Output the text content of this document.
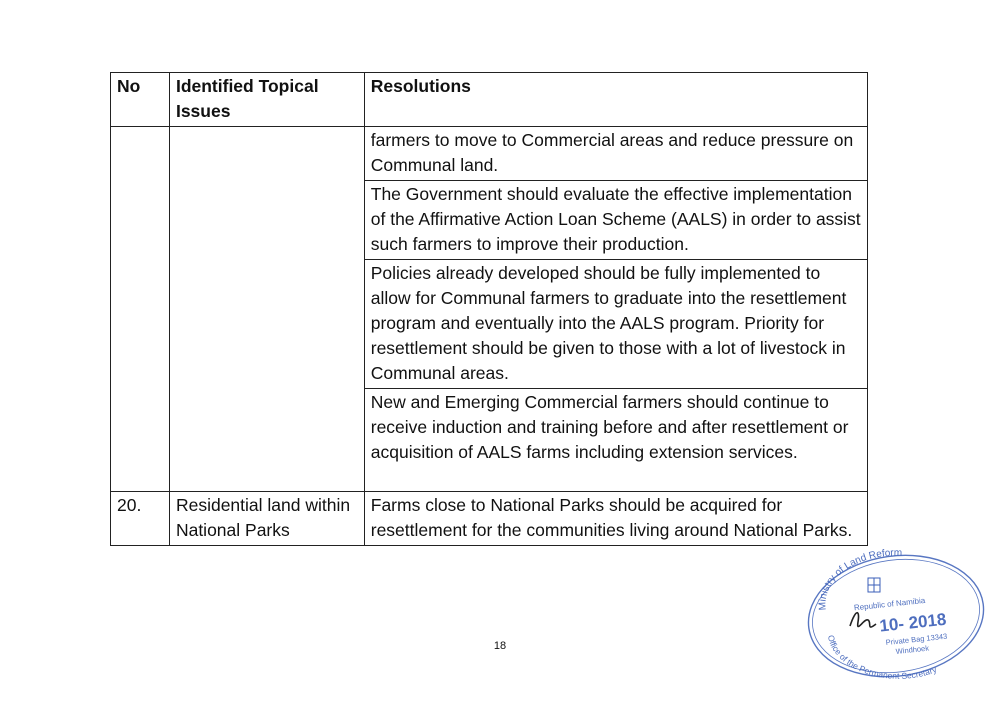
No	Identified Topical Issues	Resolutions
		farmers to move to Commercial areas and reduce pressure on Communal land.
		The Government should evaluate the effective implementation of the Affirmative Action Loan Scheme (AALS) in order to assist such farmers to improve their production.
		Policies already developed should be fully implemented to allow for Communal farmers to graduate into the resettlement program and eventually into the AALS program. Priority for resettlement should be given to those with a lot of livestock in Communal areas.

		New and Emerging Commercial farmers should continue to receive induction and training before and after resettlement or acquisition of AALS farms including extension services.

20.	Residential land within National Parks	Farms close to National Parks should be acquired for resettlement for the communities living around National Parks.
18
Ministry of Land Reform
Office of the Permanent Secretary
Republic of Namibia
10- 2018
Private Bag 13343
Windhoek
